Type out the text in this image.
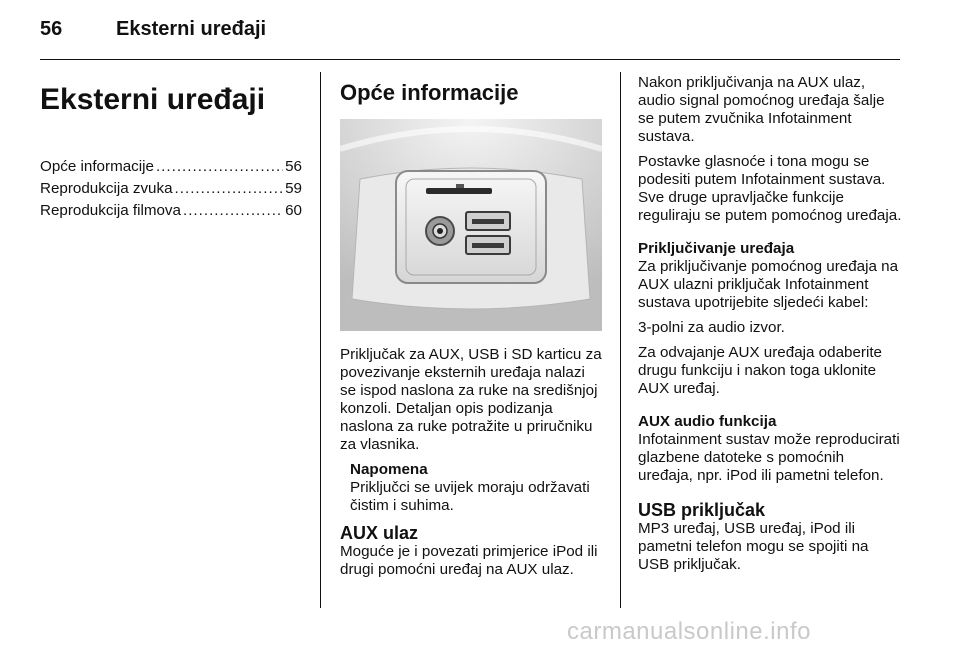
56	Eksterni uređaji
Eksterni uređaji
Opće informacije .....	56
Reprodukcija zvuka .....	59
Reprodukcija filmova .....	60
Opće informacije

Priključak za AUX, USB i SD karticu za povezivanje eksternih uređaja nalazi se ispod naslona za ruke na središnjoj konzoli. Detaljan opis podizanja naslona za ruke potražite u priručniku za vlasnika.

Napomena
Priključci se uvijek moraju održavati čistim i suhima.
AUX ulaz
Moguće je i povezati primjerice iPod ili drugi pomoćni uređaj na AUX ulaz.

Nakon priključivanja na AUX ulaz, audio signal pomoćnog uređaja šalje se putem zvučnika Infotainment sustava.

Postavke glasnoće i tona mogu se podesiti putem Infotainment sustava. Sve druge upravljačke funkcije reguliraju se putem pomoćnog uređaja.

Priključivanje uređaja

Za priključivanje pomoćnog uređaja na AUX ulazni priključak Infotainment sustava upotrijebite sljedeći kabel:

3-polni za audio izvor.

Za odvajanje AUX uređaja odaberite drugu funkciju i nakon toga uklonite AUX uređaj.

AUX audio funkcija

Infotainment sustav može reproducirati glazbene datoteke s pomoćnih uređaja, npr. iPod ili pametni telefon.

USB priključak
MP3 uređaj, USB uređaj, iPod ili pametni telefon mogu se spojiti na USB priključak.
carmanualsonline.info
